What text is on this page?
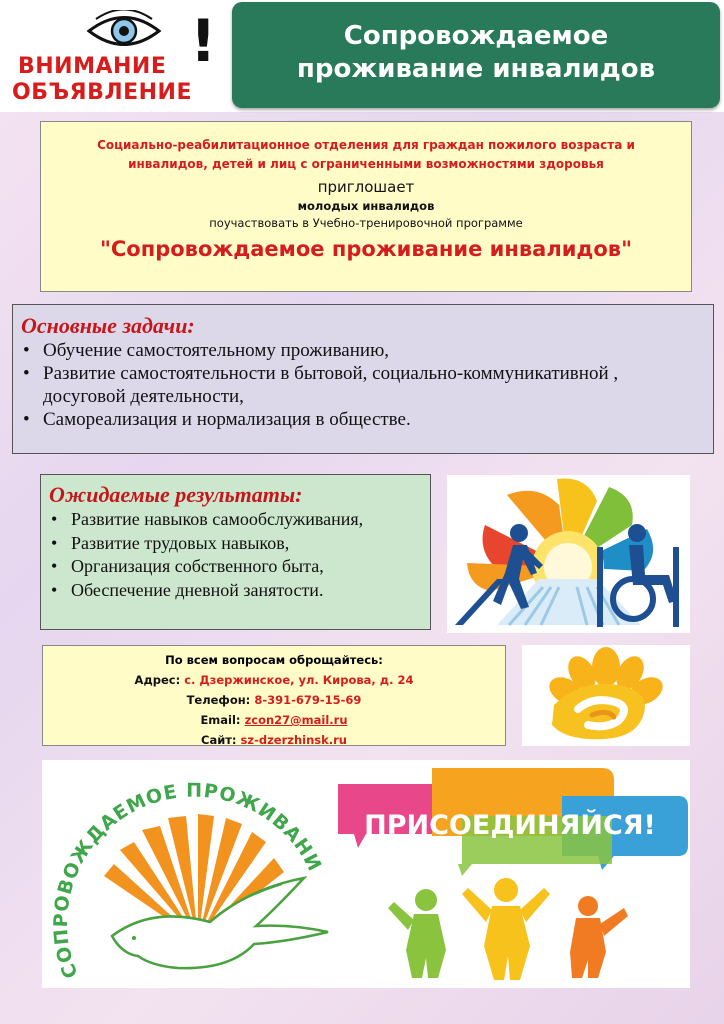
!
ВНИМАНИЕ
ОБЪЯВЛЕНИЕ
Сопровождаемое
проживание инвалидов
Социально-реабилитационное отделения для граждан пожилого возраста и
инвалидов, детей и лиц с ограниченными возможностями здоровья
приглошает
молодых инвалидов
поучаствовать в Учебно-тренировочной программе
"Сопровождаемое проживание инвалидов"
Основные задачи:
• Обучение самостоятельному проживанию,
• Развитие самостоятельности в бытовой, социально-коммуникативной , досуговой деятельности,
• Самореализация и нормализация в обществе.
Ожидаемые результаты:
• Развитие навыков самообслуживания,
• Развитие трудовых навыков,
• Организация собственного быта,
• Обеспечение дневной занятости.
По всем вопросам оброщайтесь:
Адрес: с. Дзержинское, ул. Кирова, д. 24
Телефон: 8-391-679-15-69
Email: zcon27@mail.ru
Сайт: sz-dzerzhinsk.ru
СОПРОВОЖДАЕМОЕ ПРОЖИВАНИ
ПРИСОЕДИНЯЙСЯ!
